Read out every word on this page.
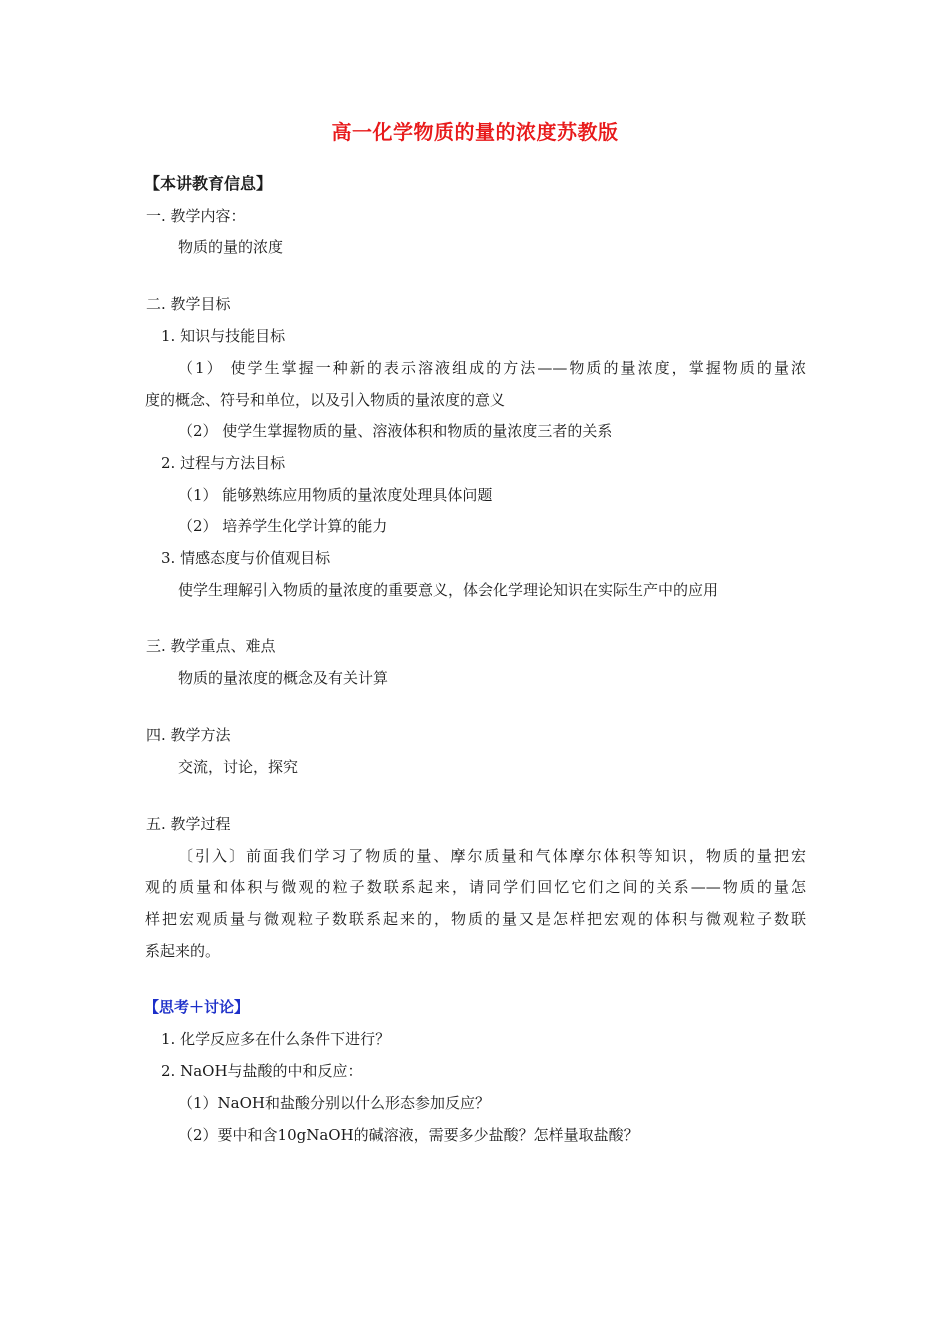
高一化学物质的量的浓度苏教版
【本讲教育信息】
一. 教学内容：
物质的量的浓度
二. 教学目标
1. 知识与技能目标
（1） 使学生掌握一种新的表示溶液组成的方法——物质的量浓度，掌握物质的量浓
度的概念、符号和单位，以及引入物质的量浓度的意义
（2） 使学生掌握物质的量、溶液体积和物质的量浓度三者的关系
2. 过程与方法目标
（1） 能够熟练应用物质的量浓度处理具体问题
（2） 培养学生化学计算的能力
3. 情感态度与价值观目标
使学生理解引入物质的量浓度的重要意义，体会化学理论知识在实际生产中的应用
三. 教学重点、难点
物质的量浓度的概念及有关计算
四. 教学方法
交流，讨论，探究
五. 教学过程
〔引入〕前面我们学习了物质的量、摩尔质量和气体摩尔体积等知识，物质的量把宏
观的质量和体积与微观的粒子数联系起来，请同学们回忆它们之间的关系——物质的量怎
样把宏观质量与微观粒子数联系起来的，物质的量又是怎样把宏观的体积与微观粒子数联
系起来的。
【思考＋讨论】
1. 化学反应多在什么条件下进行？
2. NaOH与盐酸的中和反应：
（1）NaOH和盐酸分别以什么形态参加反应？
（2）要中和含10gNaOH的碱溶液，需要多少盐酸？怎样量取盐酸？
